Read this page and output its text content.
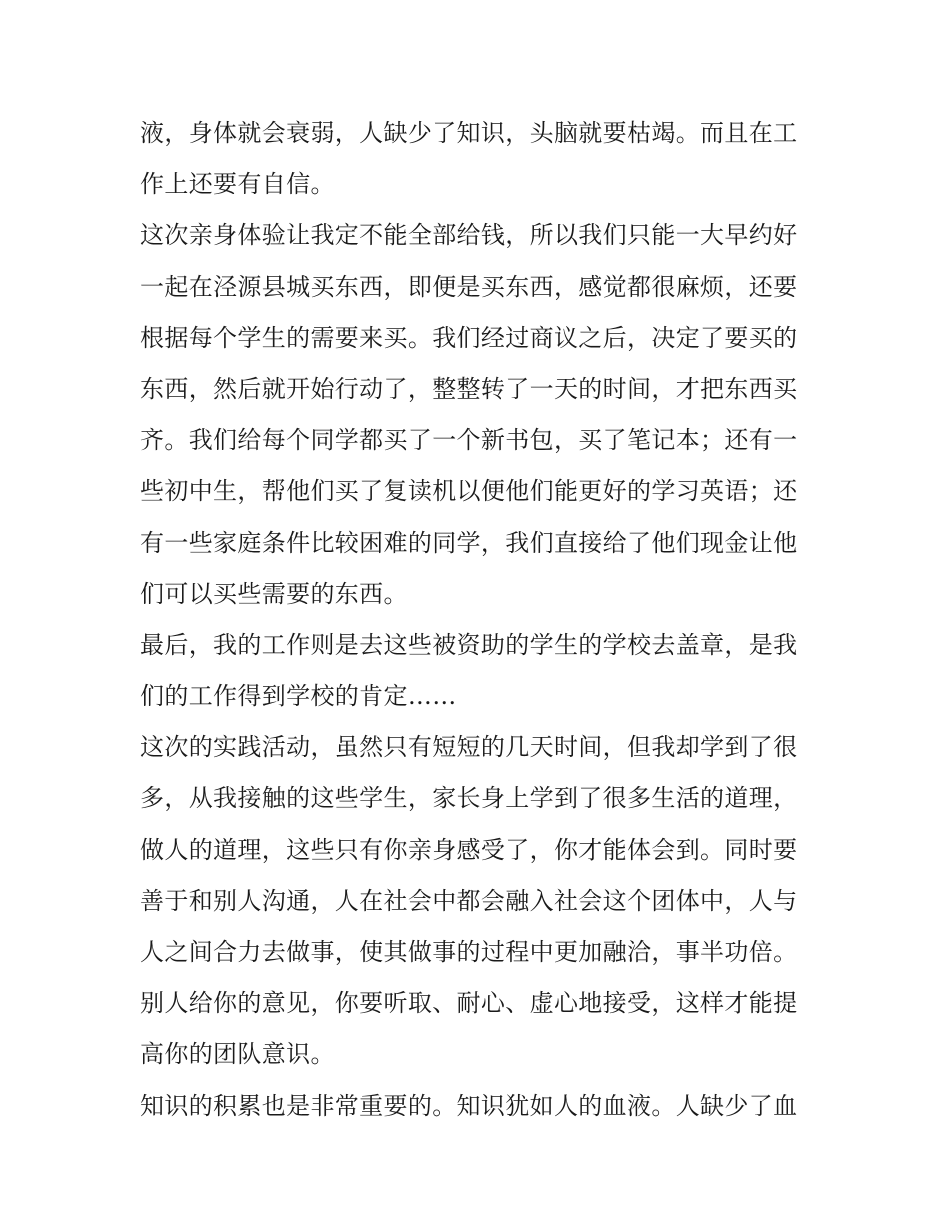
液，身体就会衰弱，人缺少了知识，头脑就要枯竭。而且在工
作上还要有自信。
这次亲身体验让我定不能全部给钱，所以我们只能一大早约好
一起在泾源县城买东西，即便是买东西，感觉都很麻烦，还要
根据每个学生的需要来买。我们经过商议之后，决定了要买的
东西，然后就开始行动了，整整转了一天的时间，才把东西买
齐。我们给每个同学都买了一个新书包，买了笔记本；还有一
些初中生，帮他们买了复读机以便他们能更好的学习英语；还
有一些家庭条件比较困难的同学，我们直接给了他们现金让他
们可以买些需要的东西。
最后，我的工作则是去这些被资助的学生的学校去盖章，是我
们的工作得到学校的肯定……
这次的实践活动，虽然只有短短的几天时间，但我却学到了很
多，从我接触的这些学生，家长身上学到了很多生活的道理，
做人的道理，这些只有你亲身感受了，你才能体会到。同时要
善于和别人沟通，人在社会中都会融入社会这个团体中，人与
人之间合力去做事，使其做事的过程中更加融洽，事半功倍。
别人给你的意见，你要听取、耐心、虚心地接受，这样才能提
高你的团队意识。
知识的积累也是非常重要的。知识犹如人的血液。人缺少了血
